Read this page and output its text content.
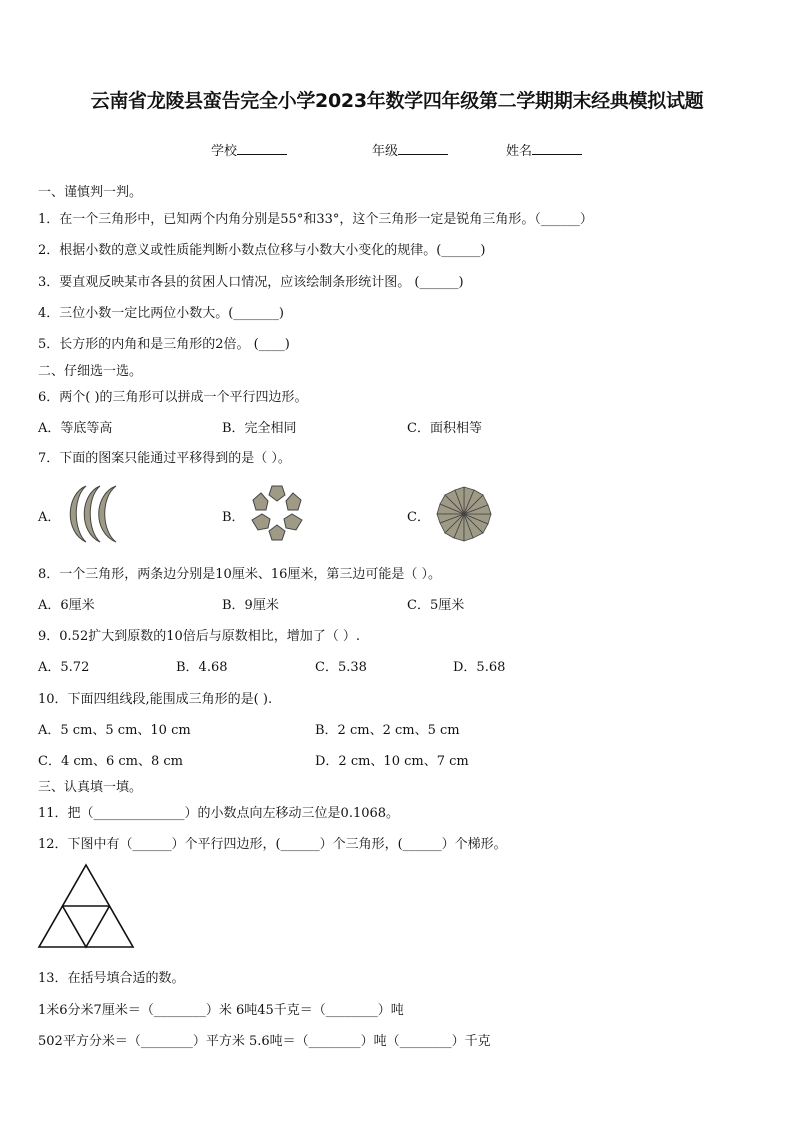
云南省龙陵县蛮告完全小学2023年数学四年级第二学期期末经典模拟试题
学校	年级	姓名
一、谨慎判一判。
1．在一个三角形中，已知两个内角分别是55°和33°，这个三角形一定是锐角三角形。（______）
2．根据小数的意义或性质能判断小数点位移与小数大小变化的规律。(______)
3．要直观反映某市各县的贫困人口情况，应该绘制条形统计图。 (______)
4．三位小数一定比两位小数大。(_______)
5．长方形的内角和是三角形的2倍。 (____)
二、仔细选一选。
6．两个( )的三角形可以拼成一个平行四边形。
A．等底等高	B．完全相同	C．面积相等
7．下面的图案只能通过平移得到的是（ ）。
A．	B．	C．
8．一个三角形，两条边分别是10厘米、16厘米，第三边可能是（ ）。
A．6厘米	B．9厘米	C．5厘米
9．0.52扩大到原数的10倍后与原数相比，增加了（ ）.
A．5.72	B．4.68	C．5.38	D．5.68
10．下面四组线段,能围成三角形的是( ).
A．5 cm、5 cm、10 cm	B．2 cm、2 cm、5 cm
C．4 cm、6 cm、8 cm	D．2 cm、10 cm、7 cm
三、认真填一填。
11．把（______________）的小数点向左移动三位是0.1068。
12．下图中有（______）个平行四边形，(______）个三角形，(______）个梯形。
13．在括号填合适的数。
1米6分米7厘米＝（________）米 6吨45千克＝（________）吨
502平方分米＝（________）平方米 5.6吨＝（________）吨（________）千克
